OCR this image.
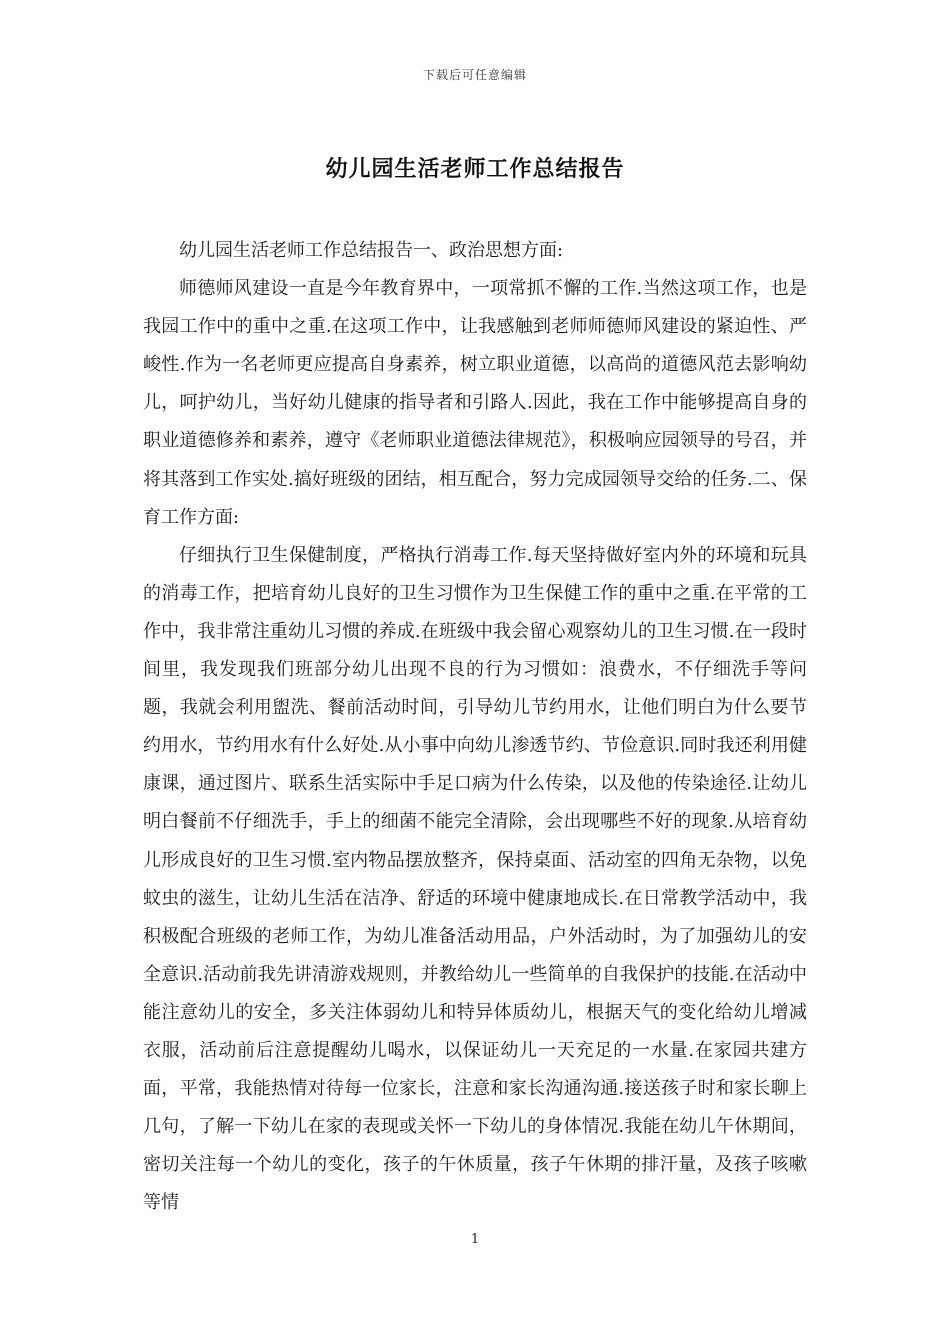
下载后可任意编辑
幼儿园生活老师工作总结报告

幼儿园生活老师工作总结报告一、政治思想方面:

师德师风建设一直是今年教育界中，一项常抓不懈的工作.当然这项工作，也是我园工作中的重中之重.在这项工作中，让我感触到老师师德师风建设的紧迫性、严峻性.作为一名老师更应提高自身素养，树立职业道德，以高尚的道德风范去影响幼儿，呵护幼儿，当好幼儿健康的指导者和引路人.因此，我在工作中能够提高自身的职业道德修养和素养，遵守《老师职业道德法律规范》，积极响应园领导的号召，并将其落到工作实处.搞好班级的团结，相互配合，努力完成园领导交给的任务.二、保育工作方面:

仔细执行卫生保健制度，严格执行消毒工作.每天坚持做好室内外的环境和玩具的消毒工作，把培育幼儿良好的卫生习惯作为卫生保健工作的重中之重.在平常的工作中，我非常注重幼儿习惯的养成.在班级中我会留心观察幼儿的卫生习惯.在一段时间里，我发现我们班部分幼儿出现不良的行为习惯如：浪费水，不仔细洗手等问题，我就会利用盥洗、餐前活动时间，引导幼儿节约用水，让他们明白为什么要节约用水，节约用水有什么好处.从小事中向幼儿渗透节约、节俭意识.同时我还利用健康课，通过图片、联系生活实际中手足口病为什么传染，以及他的传染途径.让幼儿明白餐前不仔细洗手，手上的细菌不能完全清除，会出现哪些不好的现象.从培育幼儿形成良好的卫生习惯.室内物品摆放整齐，保持桌面、活动室的四角无杂物，以免蚊虫的滋生，让幼儿生活在洁净、舒适的环境中健康地成长.在日常教学活动中，我积极配合班级的老师工作，为幼儿准备活动用品，户外活动时，为了加强幼儿的安全意识.活动前我先讲清游戏规则，并教给幼儿一些简单的自我保护的技能.在活动中能注意幼儿的安全，多关注体弱幼儿和特异体质幼儿，根据天气的变化给幼儿增减衣服，活动前后注意提醒幼儿喝水，以保证幼儿一天充足的一水量.在家园共建方面，平常，我能热情对待每一位家长，注意和家长沟通沟通.接送孩子时和家长聊上几句，了解一下幼儿在家的表现或关怀一下幼儿的身体情况.我能在幼儿午休期间，密切关注每一个幼儿的变化，孩子的午休质量，孩子午休期的排汗量，及孩子咳嗽等情

1
